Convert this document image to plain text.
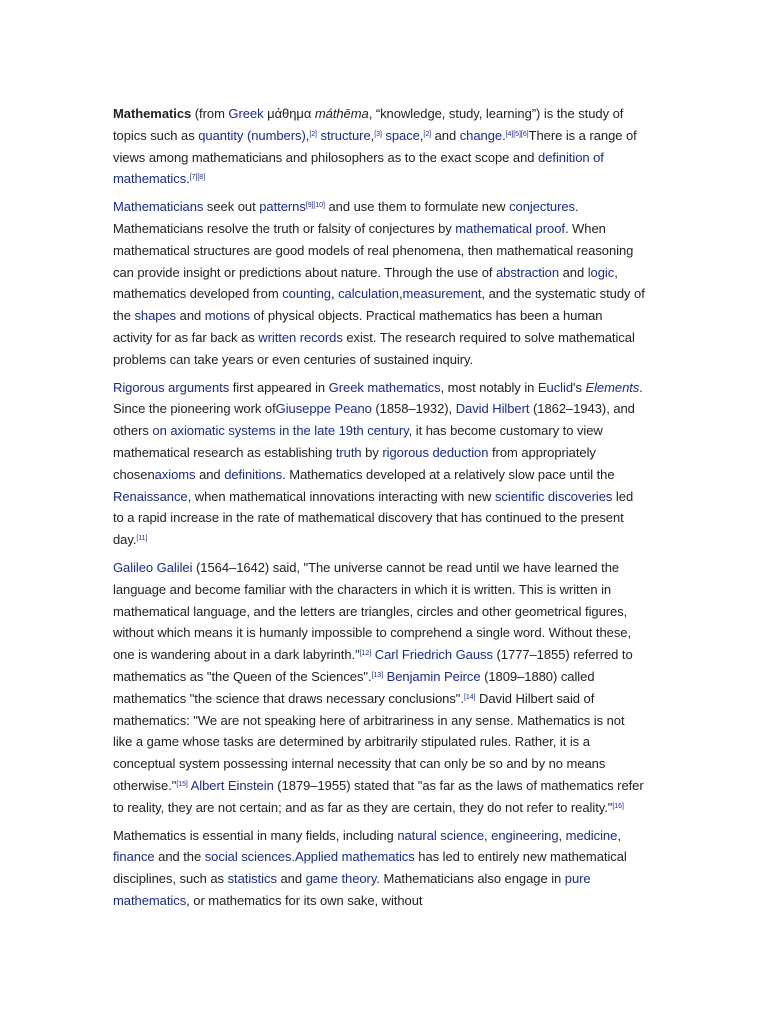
Mathematics (from Greek μάθημα máthēma, “knowledge, study, learning”) is the study of topics such as quantity (numbers),[2] structure,[3] space,[2] and change.[4][5][6]There is a range of views among mathematicians and philosophers as to the exact scope and definition of mathematics.[7][8]

Mathematicians seek out patterns[9][10] and use them to formulate new conjectures. Mathematicians resolve the truth or falsity of conjectures by mathematical proof. When mathematical structures are good models of real phenomena, then mathematical reasoning can provide insight or predictions about nature. Through the use of abstraction and logic, mathematics developed from counting, calculation,measurement, and the systematic study of the shapes and motions of physical objects. Practical mathematics has been a human activity for as far back as written records exist. The research required to solve mathematical problems can take years or even centuries of sustained inquiry.

Rigorous arguments first appeared in Greek mathematics, most notably in Euclid's Elements. Since the pioneering work ofGiuseppe Peano (1858–1932), David Hilbert (1862–1943), and others on axiomatic systems in the late 19th century, it has become customary to view mathematical research as establishing truth by rigorous deduction from appropriately chosenaxioms and definitions. Mathematics developed at a relatively slow pace until the Renaissance, when mathematical innovations interacting with new scientific discoveries led to a rapid increase in the rate of mathematical discovery that has continued to the present day.[11]

Galileo Galilei (1564–1642) said, "The universe cannot be read until we have learned the language and become familiar with the characters in which it is written. This is written in mathematical language, and the letters are triangles, circles and other geometrical figures, without which means it is humanly impossible to comprehend a single word. Without these, one is wandering about in a dark labyrinth."[12] Carl Friedrich Gauss (1777–1855) referred to mathematics as "the Queen of the Sciences".[13] Benjamin Peirce (1809–1880) called mathematics "the science that draws necessary conclusions".[14] David Hilbert said of mathematics: "We are not speaking here of arbitrariness in any sense. Mathematics is not like a game whose tasks are determined by arbitrarily stipulated rules. Rather, it is a conceptual system possessing internal necessity that can only be so and by no means otherwise."[15] Albert Einstein (1879–1955) stated that "as far as the laws of mathematics refer to reality, they are not certain; and as far as they are certain, they do not refer to reality."[16]

Mathematics is essential in many fields, including natural science, engineering, medicine, finance and the social sciences.Applied mathematics has led to entirely new mathematical disciplines, such as statistics and game theory. Mathematicians also engage in pure mathematics, or mathematics for its own sake, without
